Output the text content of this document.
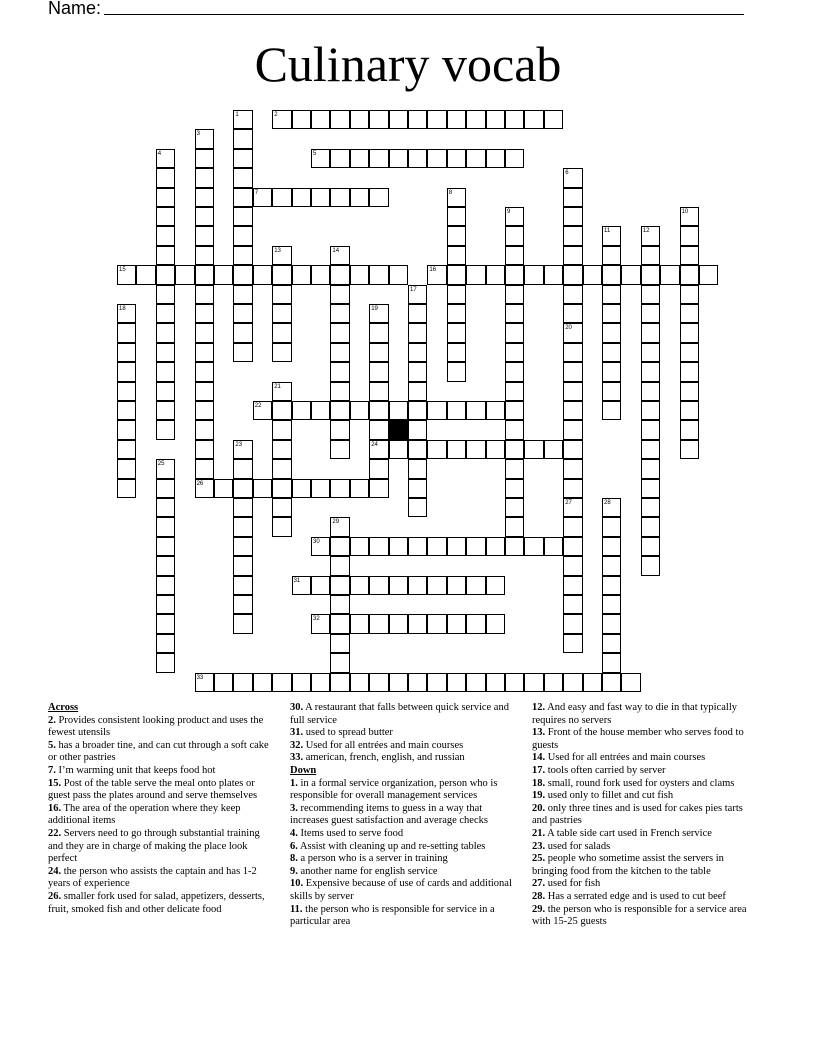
Name:
Culinary vocab
2
5
7
15	16
22
24
26
30
31
32
33
1
3
4
6
8
9	10
11	12
13	14
17
18	19
20
21
23
25
27	28
29
Across
2. Provides consistent looking product and uses the fewest utensils
5. has a broader tine, and can cut through a soft cake or other pastries
7. I’m warming unit that keeps food hot
15. Post of the table serve the meal onto plates or guest pass the plates around and serve themselves
16. The area of the operation where they keep additional items
22. Servers need to go through substantial training and they are in charge of making the place look perfect
24. the person who assists the captain and has 1-2 years of experience
26. smaller fork used for salad, appetizers, desserts, fruit, smoked fish and other delicate food
30. A restaurant that falls between quick service and full service
31. used to spread butter
32. Used for all entrées and main courses
33. american, french, english, and russian
Down
1. in a formal service organization, person who is responsible for overall management services
3. recommending items to guess in a way that increases guest satisfaction and average checks
4. Items used to serve food
6. Assist with cleaning up and re-setting tables
8. a person who is a server in training
9. another name for english service
10. Expensive because of use of cards and additional skills by server
11. the person who is responsible for service in a particular area
12. And easy and fast way to die in that typically requires no servers
13. Front of the house member who serves food to guests
14. Used for all entrées and main courses
17. tools often carried by server
18. small, round fork used for oysters and clams
19. used only to fillet and cut fish
20. only three tines and is used for cakes pies tarts and pastries
21. A table side cart used in French service
23. used for salads
25. people who sometime assist the servers in bringing food from the kitchen to the table
27. used for fish
28. Has a serrated edge and is used to cut beef
29. the person who is responsible for a service area with 15-25 guests
